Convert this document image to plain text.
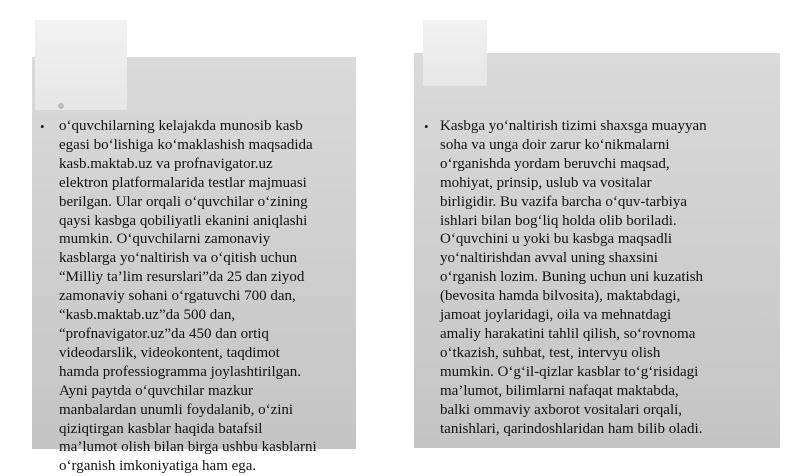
• o‘quvchilarning kelajakda munosib kasb
egasi bo‘lishiga ko‘maklashish maqsadida
kasb.maktab.uz va profnavigator.uz
elektron platformalarida testlar majmuasi
berilgan. Ular orqali o‘quvchilar o‘zining
qaysi kasbga qobiliyatli ekanini aniqlashi
mumkin. O‘quvchilarni zamonaviy
kasblarga yo‘naltirish va o‘qitish uchun
“Milliy ta’lim resurslari”da 25 dan ziyod
zamonaviy sohani o‘rgatuvchi 700 dan,
“kasb.maktab.uz”da 500 dan,
“profnavigator.uz”da 450 dan ortiq
videodarslik, videokontent, taqdimot
hamda professiogramma joylashtirilgan.
Ayni paytda o‘quvchilar mazkur
manbalardan unumli foydalanib, o‘zini
qiziqtirgan kasblar haqida batafsil
ma’lumot olish bilan birga ushbu kasblarni
o‘rganish imkoniyatiga ham ega.
• Kasbga yo‘naltirish tizimi shaxsga muayyan
soha va unga doir zarur ko‘nikmalarni
o‘rganishda yordam beruvchi maqsad,
mohiyat, prinsip, uslub va vositalar
birligidir. Bu vazifa barcha o‘quv-tarbiya
ishlari bilan bog‘liq holda olib boriladi.
O‘quvchini u yoki bu kasbga maqsadli
yo‘naltirishdan avval uning shaxsini
o‘rganish lozim. Buning uchun uni kuzatish
(bevosita hamda bilvosita), maktabdagi,
jamoat joylaridagi, oila va mehnatdagi
amaliy harakatini tahlil qilish, so‘rovnoma
o‘tkazish, suhbat, test, intervyu olish
mumkin. O‘g‘il-qizlar kasblar to‘g‘risidagi
ma’lumot, bilimlarni nafaqat maktabda,
balki ommaviy axborot vositalari orqali,
tanishlari, qarindoshlaridan ham bilib oladi.
